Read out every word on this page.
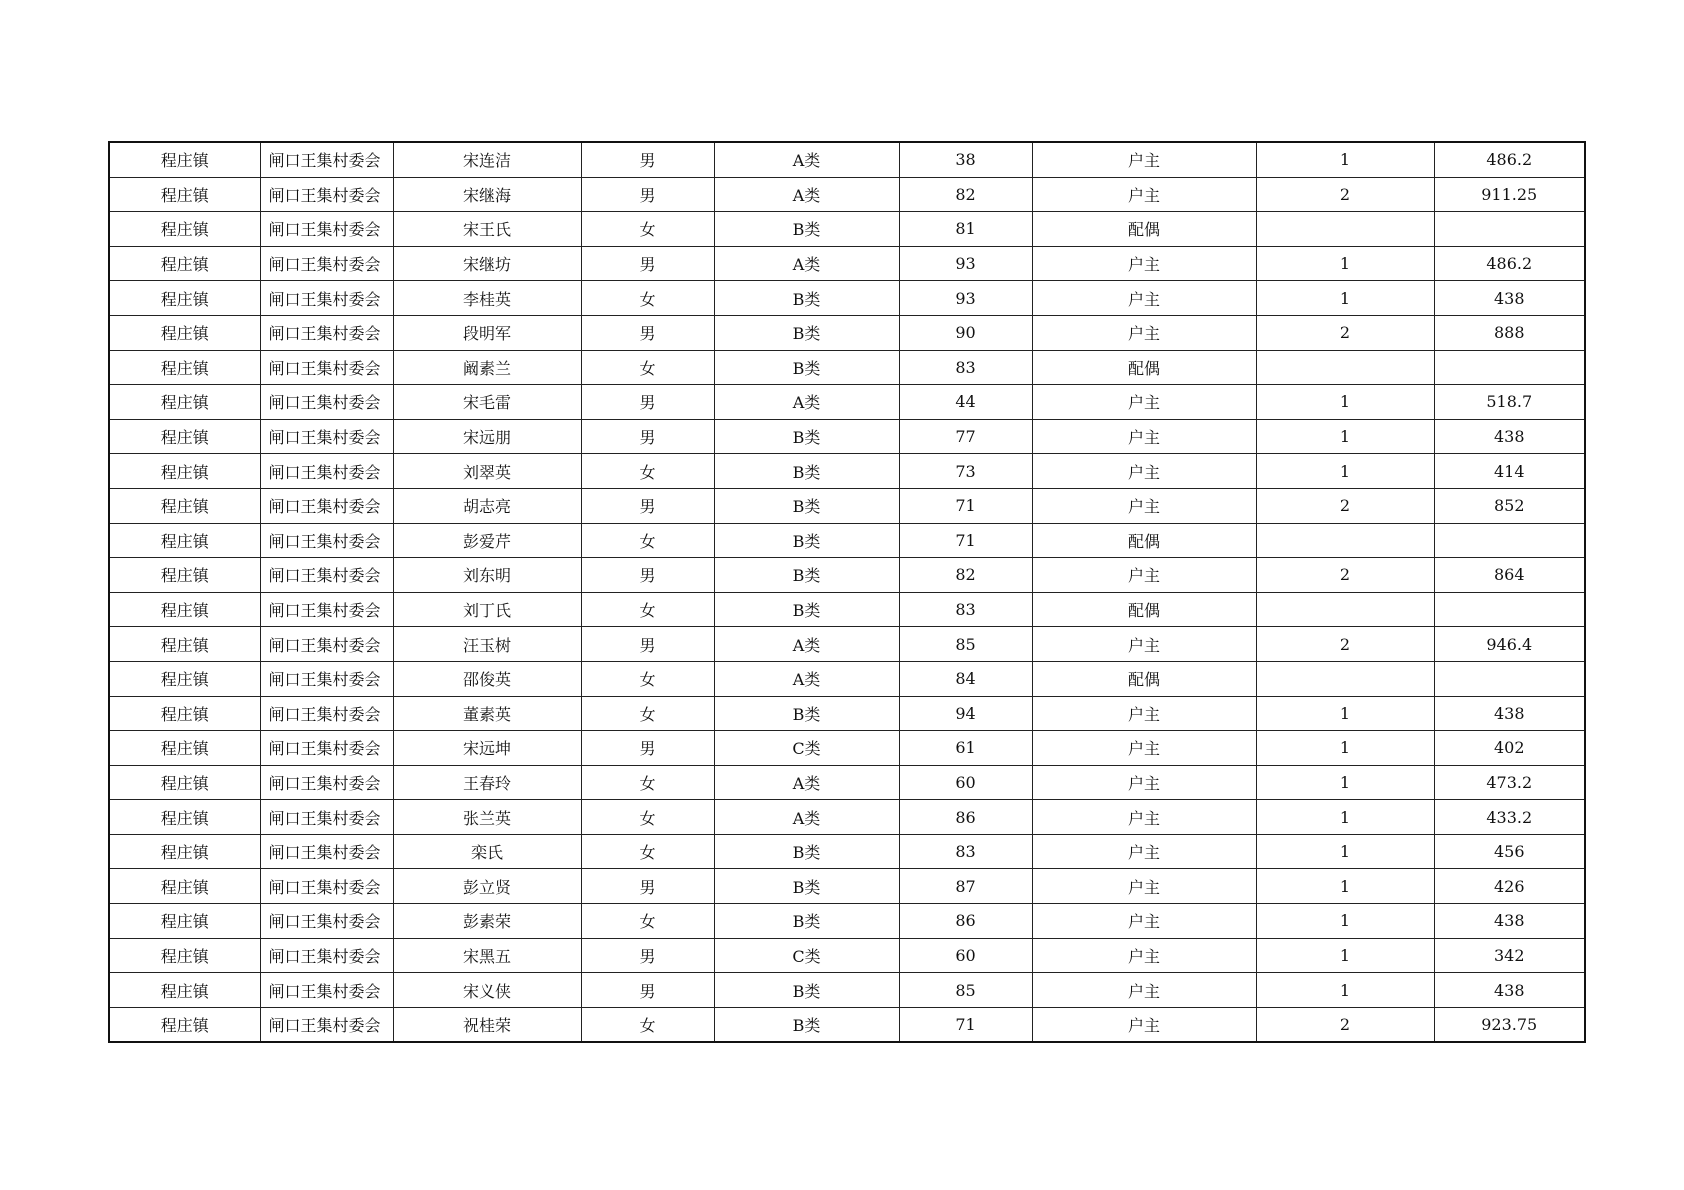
程庄镇	闸口王集村委会	宋连洁	男	A类	38	户主	1	486.2
程庄镇	闸口王集村委会	宋继海	男	A类	82	户主	2	911.25
程庄镇	闸口王集村委会	宋王氏	女	B类	81	配偶		
程庄镇	闸口王集村委会	宋继坊	男	A类	93	户主	1	486.2
程庄镇	闸口王集村委会	李桂英	女	B类	93	户主	1	438
程庄镇	闸口王集村委会	段明军	男	B类	90	户主	2	888
程庄镇	闸口王集村委会	阚素兰	女	B类	83	配偶		
程庄镇	闸口王集村委会	宋毛雷	男	A类	44	户主	1	518.7
程庄镇	闸口王集村委会	宋远朋	男	B类	77	户主	1	438
程庄镇	闸口王集村委会	刘翠英	女	B类	73	户主	1	414
程庄镇	闸口王集村委会	胡志亮	男	B类	71	户主	2	852
程庄镇	闸口王集村委会	彭爱芹	女	B类	71	配偶		
程庄镇	闸口王集村委会	刘东明	男	B类	82	户主	2	864
程庄镇	闸口王集村委会	刘丁氏	女	B类	83	配偶		
程庄镇	闸口王集村委会	汪玉树	男	A类	85	户主	2	946.4
程庄镇	闸口王集村委会	邵俊英	女	A类	84	配偶		
程庄镇	闸口王集村委会	董素英	女	B类	94	户主	1	438
程庄镇	闸口王集村委会	宋远坤	男	C类	61	户主	1	402
程庄镇	闸口王集村委会	王春玲	女	A类	60	户主	1	473.2
程庄镇	闸口王集村委会	张兰英	女	A类	86	户主	1	433.2
程庄镇	闸口王集村委会	栾氏	女	B类	83	户主	1	456
程庄镇	闸口王集村委会	彭立贤	男	B类	87	户主	1	426
程庄镇	闸口王集村委会	彭素荣	女	B类	86	户主	1	438
程庄镇	闸口王集村委会	宋黑五	男	C类	60	户主	1	342
程庄镇	闸口王集村委会	宋义侠	男	B类	85	户主	1	438
程庄镇	闸口王集村委会	祝桂荣	女	B类	71	户主	2	923.75
